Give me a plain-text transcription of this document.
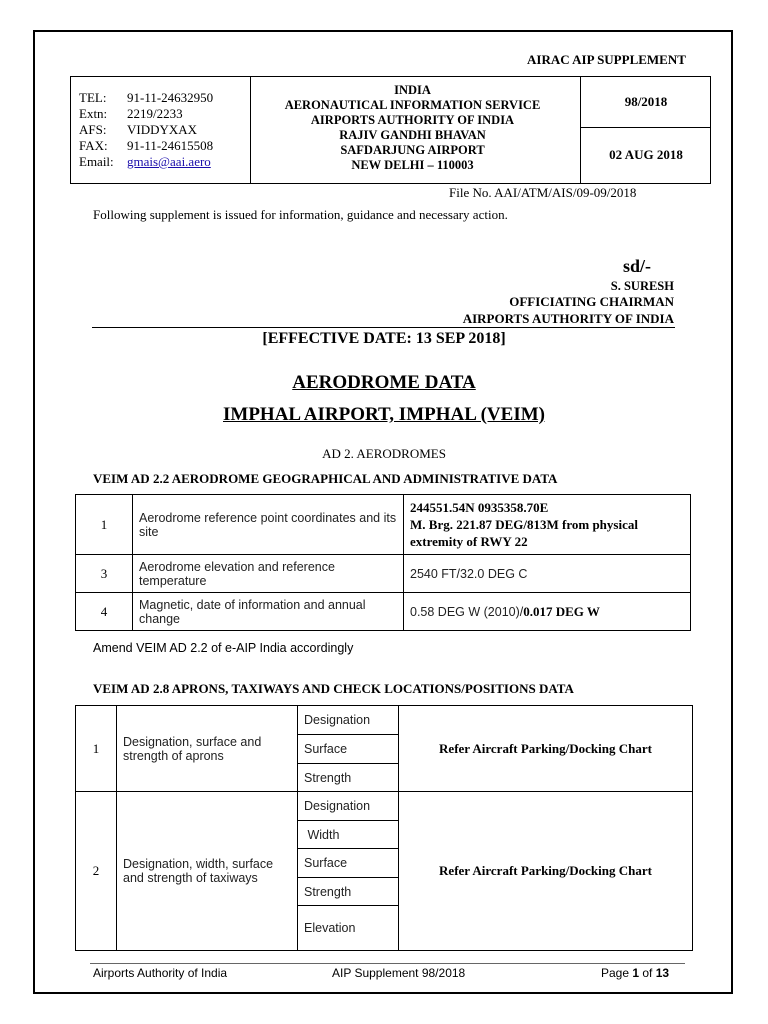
AIRAC AIP SUPPLEMENT
TEL: 91-11-24632950
Extn: 2219/2233
AFS: VIDDYXAX
FAX: 91-11-24615508
Email: gmais@aai.aero
INDIA
AERONAUTICAL INFORMATION SERVICE
AIRPORTS AUTHORITY OF INDIA
RAJIV GANDHI BHAVAN
SAFDARJUNG AIRPORT
NEW DELHI – 110003
98/2018
02 AUG 2018
File No. AAI/ATM/AIS/09-09/2018
Following supplement is issued for information, guidance and necessary action.
sd/-
S. SURESH
OFFICIATING CHAIRMAN
AIRPORTS AUTHORITY OF INDIA
[EFFECTIVE DATE: 13 SEP 2018]
AERODROME DATA
IMPHAL AIRPORT, IMPHAL (VEIM)
AD 2. AERODROMES
VEIM AD 2.2 AERODROME GEOGRAPHICAL AND ADMINISTRATIVE DATA
1	Aerodrome reference point coordinates and its site	244551.54N 0935358.70E
M. Brg. 221.87 DEG/813M from physical extremity of RWY 22

3	Aerodrome elevation and reference temperature	2540 FT/32.0 DEG C
4	Magnetic, date of information and annual change	0.58 DEG W (2010)/0.017 DEG W
Amend VEIM AD 2.2 of e-AIP India accordingly
VEIM AD 2.8 APRONS, TAXIWAYS AND CHECK LOCATIONS/POSITIONS DATA
1	Designation, surface and strength of aprons	Designation	Refer Aircraft Parking/Docking Chart
		Surface	
		Strength	
2	Designation, width, surface and strength of taxiways	Designation	Refer Aircraft Parking/Docking Chart
		Width	
		Surface	
		Strength	
		Elevation	
Airports Authority of India	AIP Supplement 98/2018	Page 1 of 13
